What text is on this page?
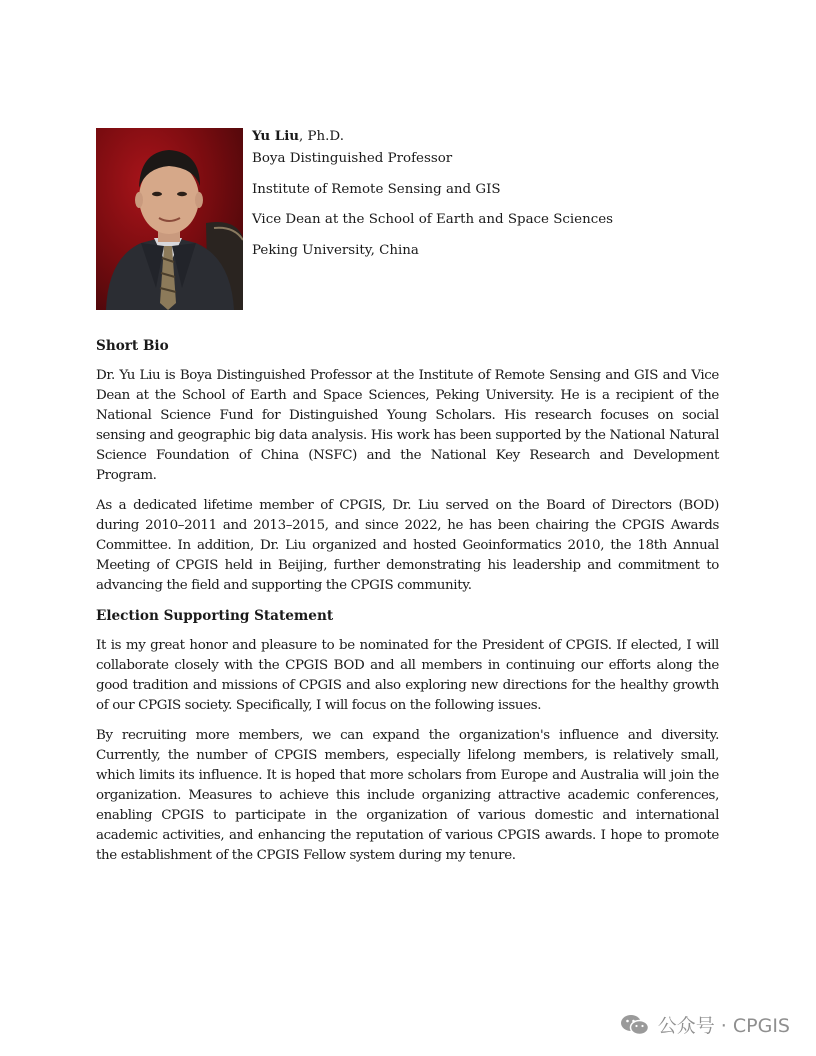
Yu Liu, Ph.D.
Boya Distinguished Professor
Institute of Remote Sensing and GIS
Vice Dean at the School of Earth and Space Sciences
Peking University, China
Short Bio

Dr. Yu Liu is Boya Distinguished Professor at the Institute of Remote Sensing and GIS and Vice Dean at the School of Earth and Space Sciences, Peking University. He is a recipient of the National Science Fund for Distinguished Young Scholars. His research focuses on social sensing and geographic big data analysis. His work has been supported by the National Natural Science Foundation of China (NSFC) and the National Key Research and Development Program.

As a dedicated lifetime member of CPGIS, Dr. Liu served on the Board of Directors (BOD) during 2010–2011 and 2013–2015, and since 2022, he has been chairing the CPGIS Awards Committee. In addition, Dr. Liu organized and hosted Geoinformatics 2010, the 18th Annual Meeting of CPGIS held in Beijing, further demonstrating his leadership and commitment to advancing the field and supporting the CPGIS community.

Election Supporting Statement

It is my great honor and pleasure to be nominated for the President of CPGIS. If elected, I will collaborate closely with the CPGIS BOD and all members in continuing our efforts along the good tradition and missions of CPGIS and also exploring new directions for the healthy growth of our CPGIS society. Specifically, I will focus on the following issues.

By recruiting more members, we can expand the organization's influence and diversity. Currently, the number of CPGIS members, especially lifelong members, is relatively small, which limits its influence. It is hoped that more scholars from Europe and Australia will join the organization. Measures to achieve this include organizing attractive academic conferences, enabling CPGIS to participate in the organization of various domestic and international academic activities, and enhancing the reputation of various CPGIS awards. I hope to promote the establishment of the CPGIS Fellow system during my tenure.

公众号 · CPGIS
